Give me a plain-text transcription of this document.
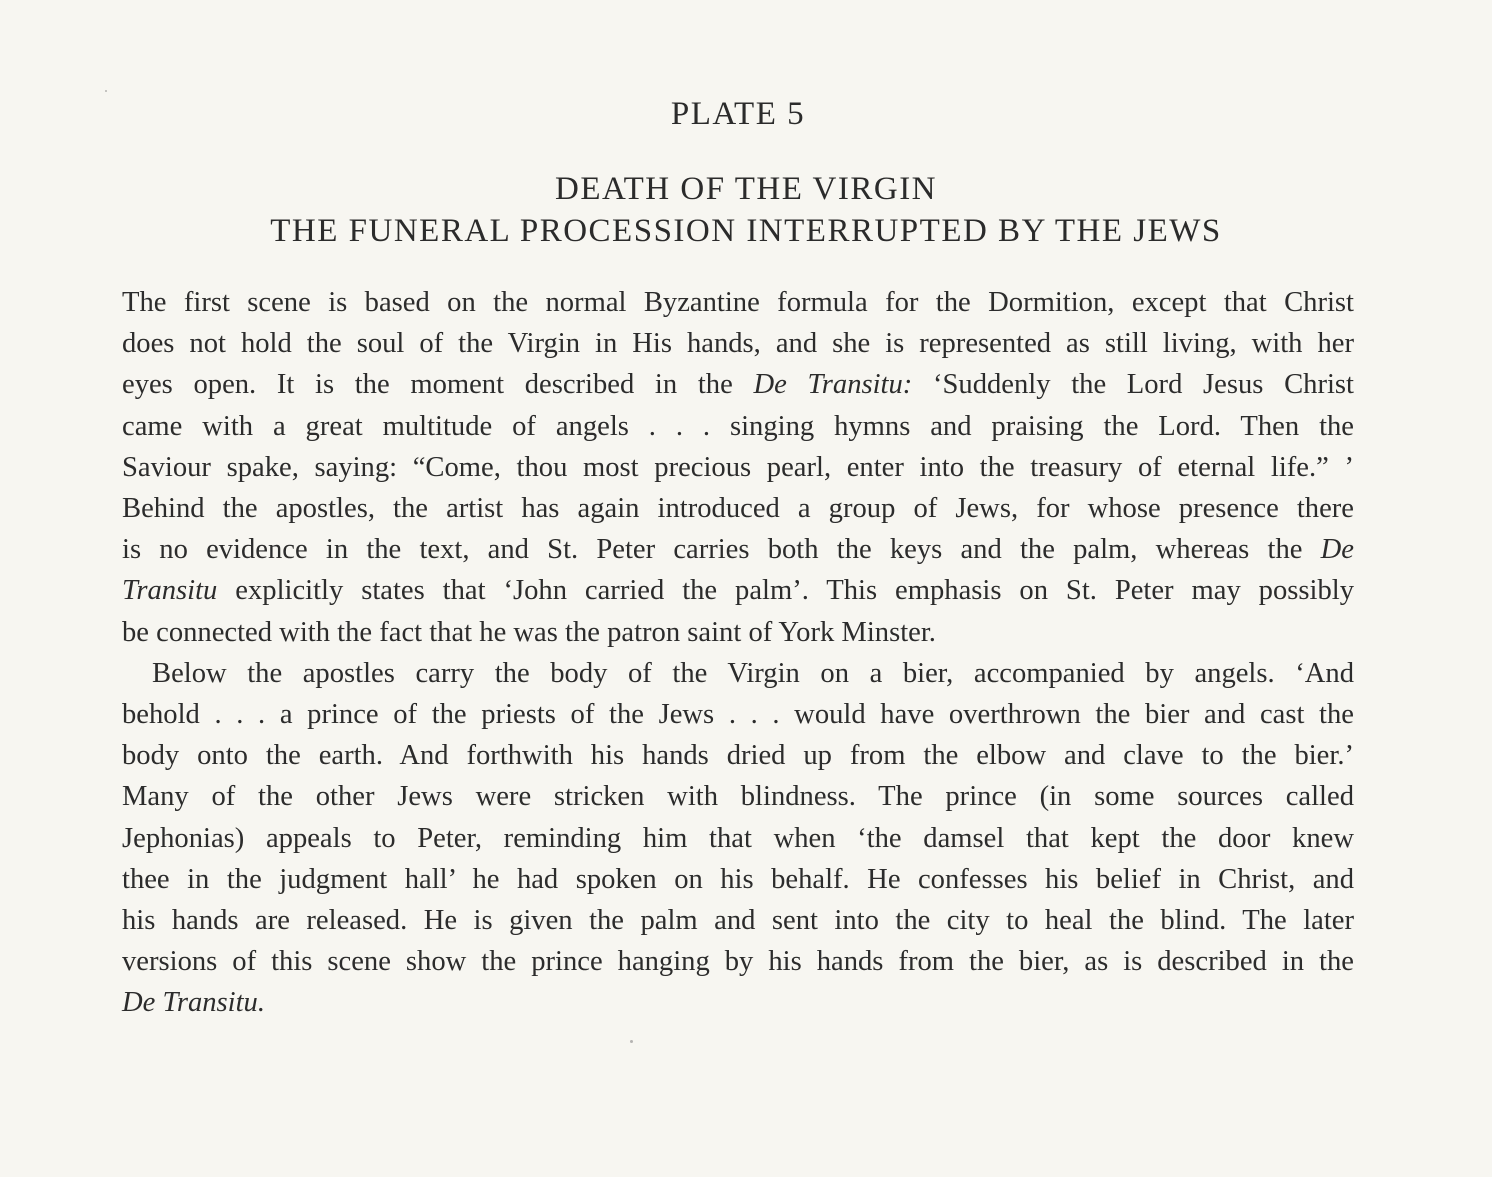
PLATE 5
DEATH OF THE VIRGIN
THE FUNERAL PROCESSION INTERRUPTED BY THE JEWS
The first scene is based on the normal Byzantine formula for the Dormition, except that Christ
does not hold the soul of the Virgin in His hands, and she is represented as still living, with her
eyes open. It is the moment described in the De Transitu: ‘Suddenly the Lord Jesus Christ
came with a great multitude of angels . . . singing hymns and praising the Lord. Then the
Saviour spake, saying: “Come, thou most precious pearl, enter into the treasury of eternal life.” ’
Behind the apostles, the artist has again introduced a group of Jews, for whose presence there
is no evidence in the text, and St. Peter carries both the keys and the palm, whereas the De
Transitu explicitly states that ‘John carried the palm’. This emphasis on St. Peter may possibly
be connected with the fact that he was the patron saint of York Minster.
Below the apostles carry the body of the Virgin on a bier, accompanied by angels. ‘And
behold . . . a prince of the priests of the Jews . . . would have overthrown the bier and cast the
body onto the earth. And forthwith his hands dried up from the elbow and clave to the bier.’
Many of the other Jews were stricken with blindness. The prince (in some sources called
Jephonias) appeals to Peter, reminding him that when ‘the damsel that kept the door knew
thee in the judgment hall’ he had spoken on his behalf. He confesses his belief in Christ, and
his hands are released. He is given the palm and sent into the city to heal the blind. The later
versions of this scene show the prince hanging by his hands from the bier, as is described in the
De Transitu.
